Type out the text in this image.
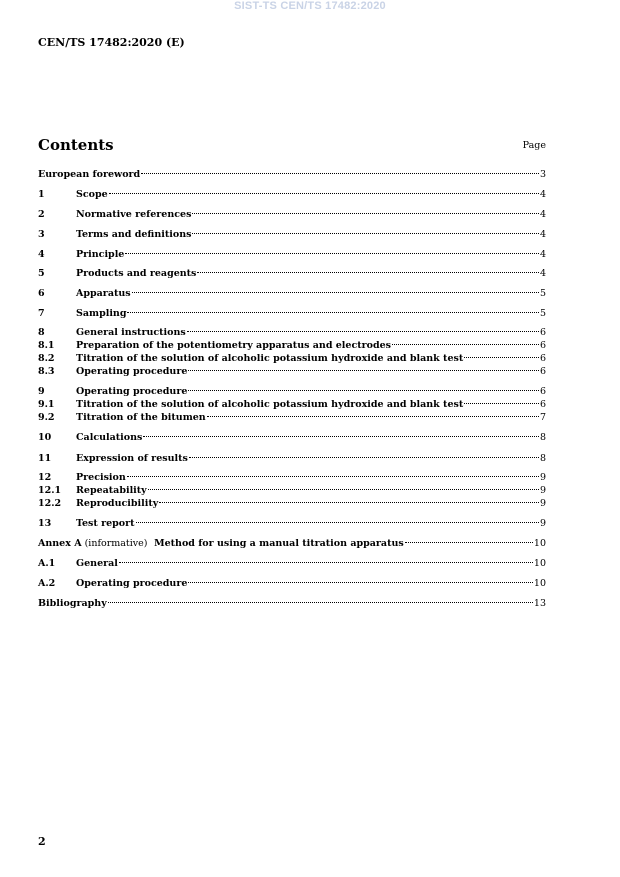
SIST-TS CEN/TS 17482:2020
CEN/TS 17482:2020 (E)
Contents	Page
European foreword	3
1	Scope	4
2	Normative references	4
3	Terms and definitions	4
4	Principle	4
5	Products and reagents	4
6	Apparatus	5
7	Sampling	5
8	General instructions	6
8.1	Preparation of the potentiometry apparatus and electrodes	6
8.2	Titration of the solution of alcoholic potassium hydroxide and blank test	6
8.3	Operating procedure	6
9	Operating procedure	6
9.1	Titration of the solution of alcoholic potassium hydroxide and blank test	6
9.2	Titration of the bitumen	7
10	Calculations	8
11	Expression of results	8
12	Precision	9
12.1	Repeatability	9
12.2	Reproducibility	9
13	Test report	9
Annex A (informative)  Method for using a manual titration apparatus	10
A.1	General	10
A.2	Operating procedure	10
Bibliography	13
2
